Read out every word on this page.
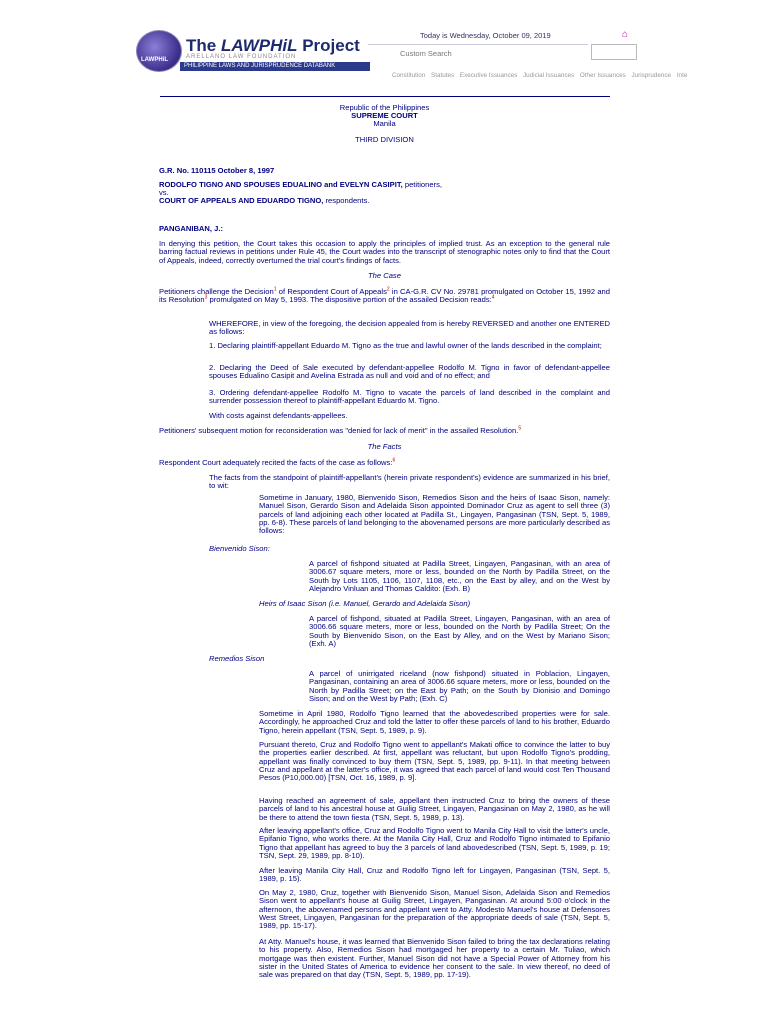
LAWPHiL
The LAWPHiL Project
ARELLANO LAW FOUNDATION
PHILIPPINE LAWS AND JURISPRUDENCE DATABANK
Today is Wednesday, October 09, 2019	⌂
Custom Search
Constitution Statutes Executive Issuances Judicial Issuances Other Issuances Jurisprudence Inte

Republic of the Philippines

SUPREME COURT

Manila

THIRD DIVISION

G.R. No. 110115 October 8, 1997

RODOLFO TIGNO AND SPOUSES EDUALINO and EVELYN CASIPIT, petitioners,

vs.

COURT OF APPEALS AND EDUARDO TIGNO, respondents.

PANGANIBAN, J.:

In denying this petition, the Court takes this occasion to apply the principles of implied trust. As an exception to the general rule barring factual reviews in petitions under Rule 45, the Court wades into the transcript of stenographic notes only to find that the Court of Appeals, indeed, correctly overturned the trial court's findings of facts.

The Case

Petitioners challenge the Decision$^1$ of Respondent Court of Appeals$^2$ in CA-G.R. CV No. 29781 promulgated on October 15, 1992 and its Resolution$^3$ promulgated on May 5, 1993. The dispositive portion of the assailed Decision reads:$^4$

WHEREFORE, in view of the foregoing, the decision appealed from is hereby REVERSED and another one ENTERED as follows:

1. Declaring plaintiff-appellant Eduardo M. Tigno as the true and lawful owner of the lands described in the complaint;

2. Declaring the Deed of Sale executed by defendant-appellee Rodolfo M. Tigno in favor of defendant-appellee spouses Edualino Casipit and Avelina Estrada as null and void and of no effect; and

3. Ordering defendant-appellee Rodolfo M. Tigno to vacate the parcels of land described in the complaint and surrender possession thereof to plaintiff-appellant Eduardo M. Tigno.

With costs against defendants-appellees.

Petitioners' subsequent motion for reconsideration was "denied for lack of merit" in the assailed Resolution.$^5$

The Facts

Respondent Court adequately recited the facts of the case as follows:$^6$

The facts from the standpoint of plaintiff-appellant's (herein private respondent's) evidence are summarized in his brief, to wit:

Sometime in January, 1980, Bienvenido Sison, Remedios Sison and the heirs of Isaac Sison, namely: Manuel Sison, Gerardo Sison and Adelaida Sison appointed Dominador Cruz as agent to sell three (3) parcels of land adjoining each other located at Padilla St., Lingayen, Pangasinan (TSN, Sept. 5, 1989, pp. 6-8). These parcels of land belonging to the abovenamed persons are more particularly described as follows:

Bienvenido Sison:

A parcel of fishpond situated at Padilla Street, Lingayen, Pangasinan, with an area of 3006.67 square meters, more or less, bounded on the North by Padilla Street, on the South by Lots 1105, 1106, 1107, 1108, etc., on the East by alley, and on the West by Alejandro Vinluan and Thomas Caldito: (Exh. B)

Heirs of Isaac Sison (i.e. Manuel, Gerardo and Adelaida Sison)

A parcel of fishpond, situated at Padilla Street, Lingayen, Pangasinan, with an area of 3006.66 square meters, more or less, bounded on the North by Padilla Street; On the South by Bienvenido Sison, on the East by Alley, and on the West by Mariano Sison; (Exh. A)

Remedios Sison

A parcel of unirrigated riceland (now fishpond) situated in Poblacion, Lingayen, Pangasinan, containing an area of 3006.66 square meters, more or less, bounded on the North by Padilla Street; on the East by Path; on the South by Dionisio and Domingo Sison; and on the West by Path; (Exh. C)

Sometime in April 1980, Rodolfo Tigno learned that the abovedescribed properties were for sale. Accordingly, he approached Cruz and told the latter to offer these parcels of land to his brother, Eduardo Tigno, herein appellant (TSN, Sept. 5, 1989, p. 9).

Pursuant thereto, Cruz and Rodolfo Tigno went to appellant's Makati office to convince the latter to buy the properties earlier described. At first, appellant was reluctant, but upon Rodolfo Tigno's prodding, appellant was finally convinced to buy them (TSN, Sept. 5, 1989, pp. 9-11). In that meeting between Cruz and appellant at the latter's office, it was agreed that each parcel of land would cost Ten Thousand Pesos (P10,000.00) [TSN, Oct. 16, 1989, p. 9].

Having reached an agreement of sale, appellant then instructed Cruz to bring the owners of these parcels of land to his ancestral house at Guilig Street, Lingayen, Pangasinan on May 2, 1980, as he will be there to attend the town fiesta (TSN, Sept. 5, 1989, p. 13).

After leaving appellant's office, Cruz and Rodolfo Tigno went to Manila City Hall to visit the latter's uncle, Epifanio Tigno, who works there. At the Manila City Hall, Cruz and Rodolfo Tigno intimated to Epifanio Tigno that appellant has agreed to buy the 3 parcels of land abovedescribed (TSN, Sept. 5, 1989, p. 19; TSN, Sept. 29, 1989, pp. 8-10).

After leaving Manila City Hall, Cruz and Rodolfo Tigno left for Lingayen, Pangasinan (TSN, Sept. 5, 1989, p. 15).

On May 2, 1980, Cruz, together with Bienvenido Sison, Manuel Sison, Adelaida Sison and Remedios Sison went to appellant's house at Guilig Street, Lingayen, Pangasinan. At around 5:00 o'clock in the afternoon, the abovenamed persons and appellant went to Atty. Modesto Manuel's house at Defensores West Street, Lingayen, Pangasinan for the preparation of the appropriate deeds of sale (TSN, Sept. 5, 1989, pp. 15-17).

At Atty. Manuel's house, it was learned that Bienvenido Sison failed to bring the tax declarations relating to his property. Also, Remedios Sison had mortgaged her property to a certain Mr. Tuliao, which mortgage was then existent. Further, Manuel Sison did not have a Special Power of Attorney from his sister in the United States of America to evidence her consent to the sale. In view thereof, no deed of sale was prepared on that day (TSN, Sept. 5, 1989, pp. 17-19).
